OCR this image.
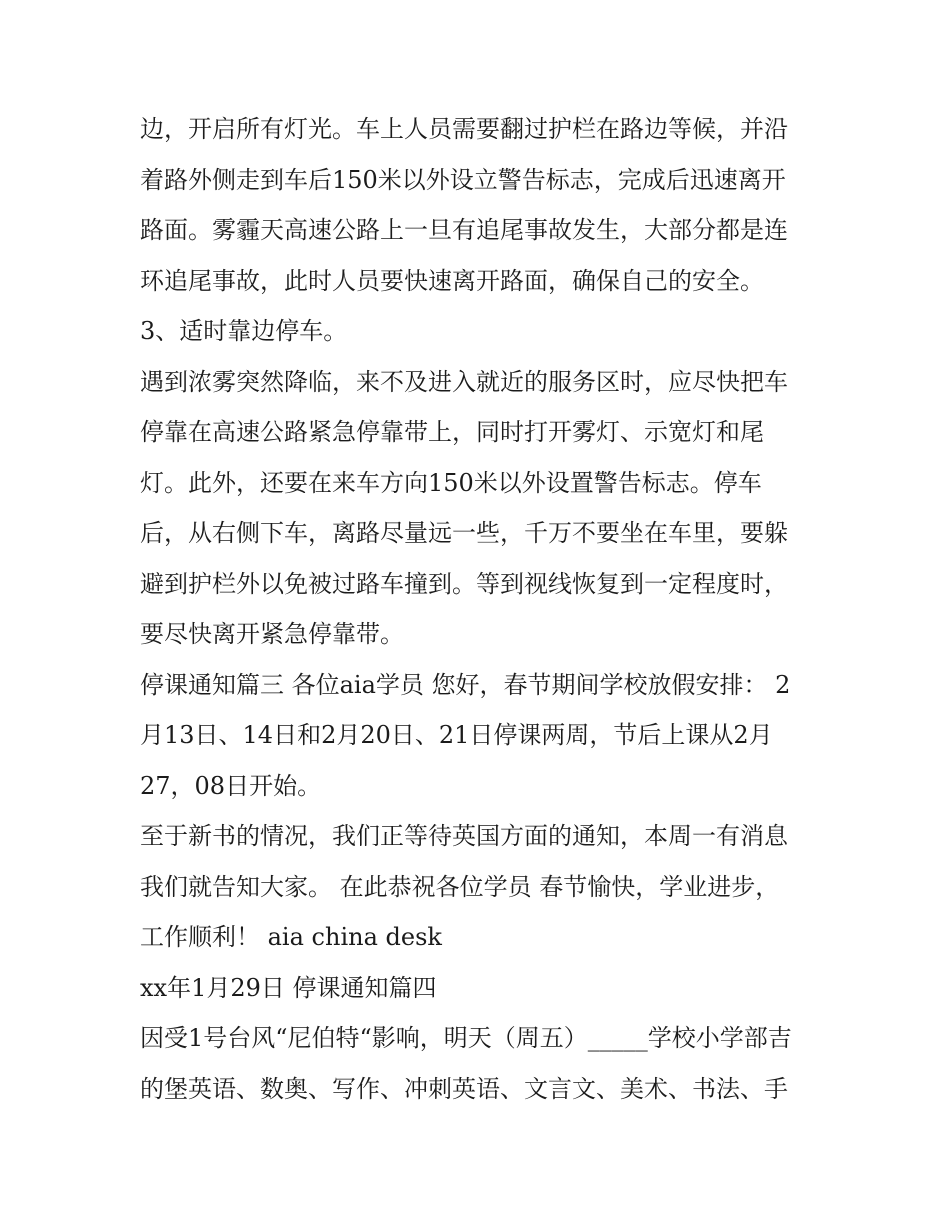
边，开启所有灯光。车上人员需要翻过护栏在路边等候，并沿
着路外侧走到车后150米以外设立警告标志，完成后迅速离开
路面。雾霾天高速公路上一旦有追尾事故发生，大部分都是连
环追尾事故，此时人员要快速离开路面，确保自己的安全。
3、适时靠边停车。
遇到浓雾突然降临，来不及进入就近的服务区时，应尽快把车
停靠在高速公路紧急停靠带上，同时打开雾灯、示宽灯和尾
灯。此外，还要在来车方向150米以外设置警告标志。停车
后，从右侧下车，离路尽量远一些，千万不要坐在车里，要躲
避到护栏外以免被过路车撞到。等到视线恢复到一定程度时，
要尽快离开紧急停靠带。
停课通知篇三 各位aia学员 您好，春节期间学校放假安排： 2
月13日、14日和2月20日、21日停课两周，节后上课从2月
27，08日开始。
至于新书的情况，我们正等待英国方面的通知，本周一有消息
我们就告知大家。 在此恭祝各位学员 春节愉快，学业进步，
工作顺利！ aia china desk
xx年1月29日 停课通知篇四
因受1号台风“尼伯特“影响，明天（周五）_____学校小学部吉
的堡英语、数奥、写作、冲刺英语、文言文、美术、书法、手
